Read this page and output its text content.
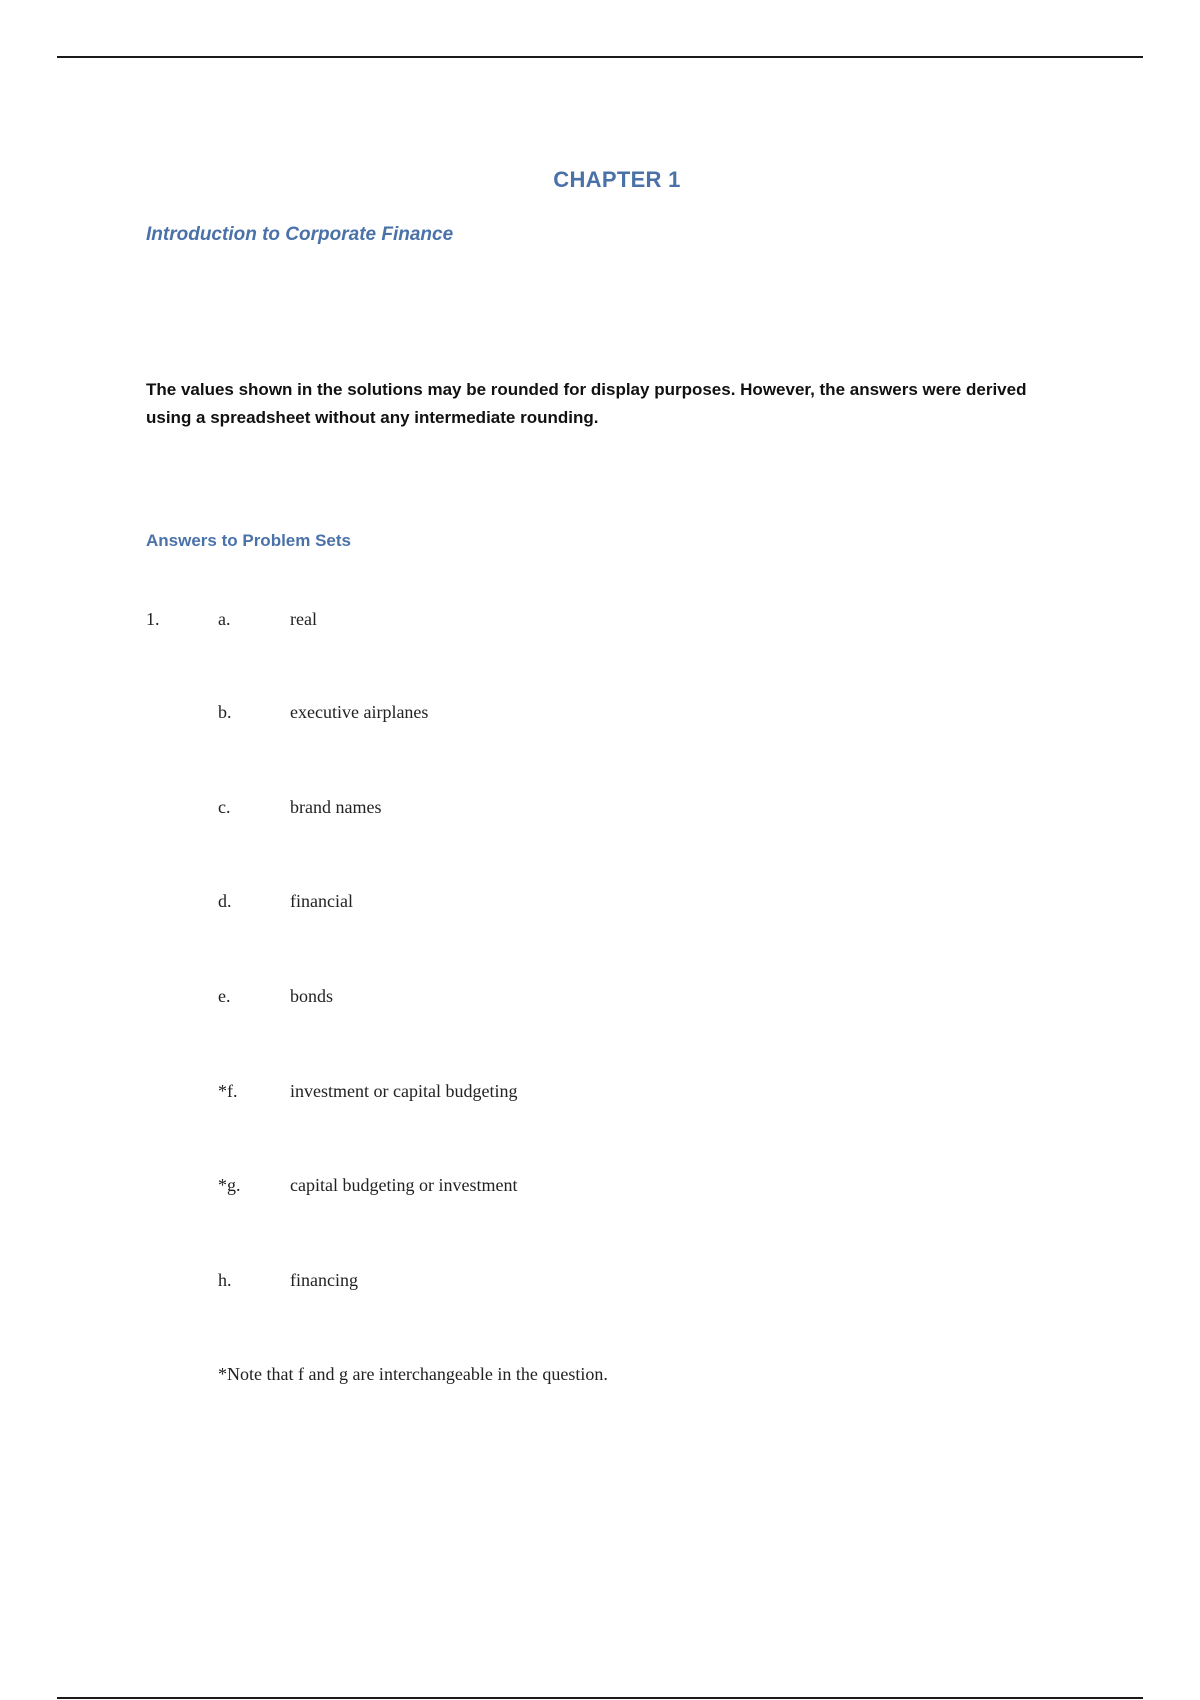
CHAPTER 1
Introduction to Corporate Finance

The values shown in the solutions may be rounded for display purposes. However, the answers were derived using a spreadsheet without any intermediate rounding.

Answers to Problem Sets
1.	a.	real
b.	executive airplanes
c.	brand names
d.	financial
e.	bonds
*f.	investment or capital budgeting
*g.	capital budgeting or investment
h.	financing
*Note that f and g are interchangeable in the question.
